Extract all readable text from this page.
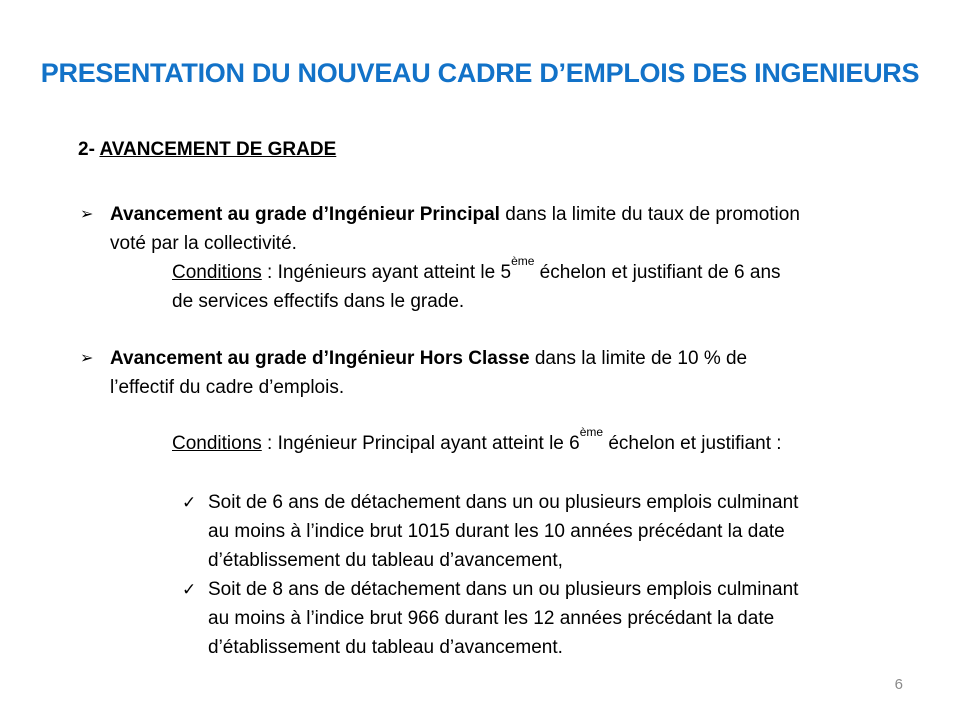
PRESENTATION DU NOUVEAU CADRE D’EMPLOIS DES INGENIEURS
2- AVANCEMENT DE GRADE
➢ Avancement au grade d’Ingénieur Principal dans la limite du taux de promotion
voté par la collectivité.
Conditions : Ingénieurs ayant atteint le 5ème échelon et justifiant de 6 ans
de services effectifs dans le grade.
➢ Avancement au grade d’Ingénieur Hors Classe dans la limite de 10 % de
l’effectif du cadre d’emplois.
Conditions : Ingénieur Principal ayant atteint le 6ème échelon et justifiant :
✓ Soit de 6 ans de détachement dans un ou plusieurs emplois culminant
au moins à l’indice brut 1015 durant les 10 années précédant la date
d’établissement du tableau d’avancement,
✓ Soit de 8 ans de détachement dans un ou plusieurs emplois culminant
au moins à l’indice brut 966 durant les 12 années précédant la date
d’établissement du tableau d’avancement.
6
